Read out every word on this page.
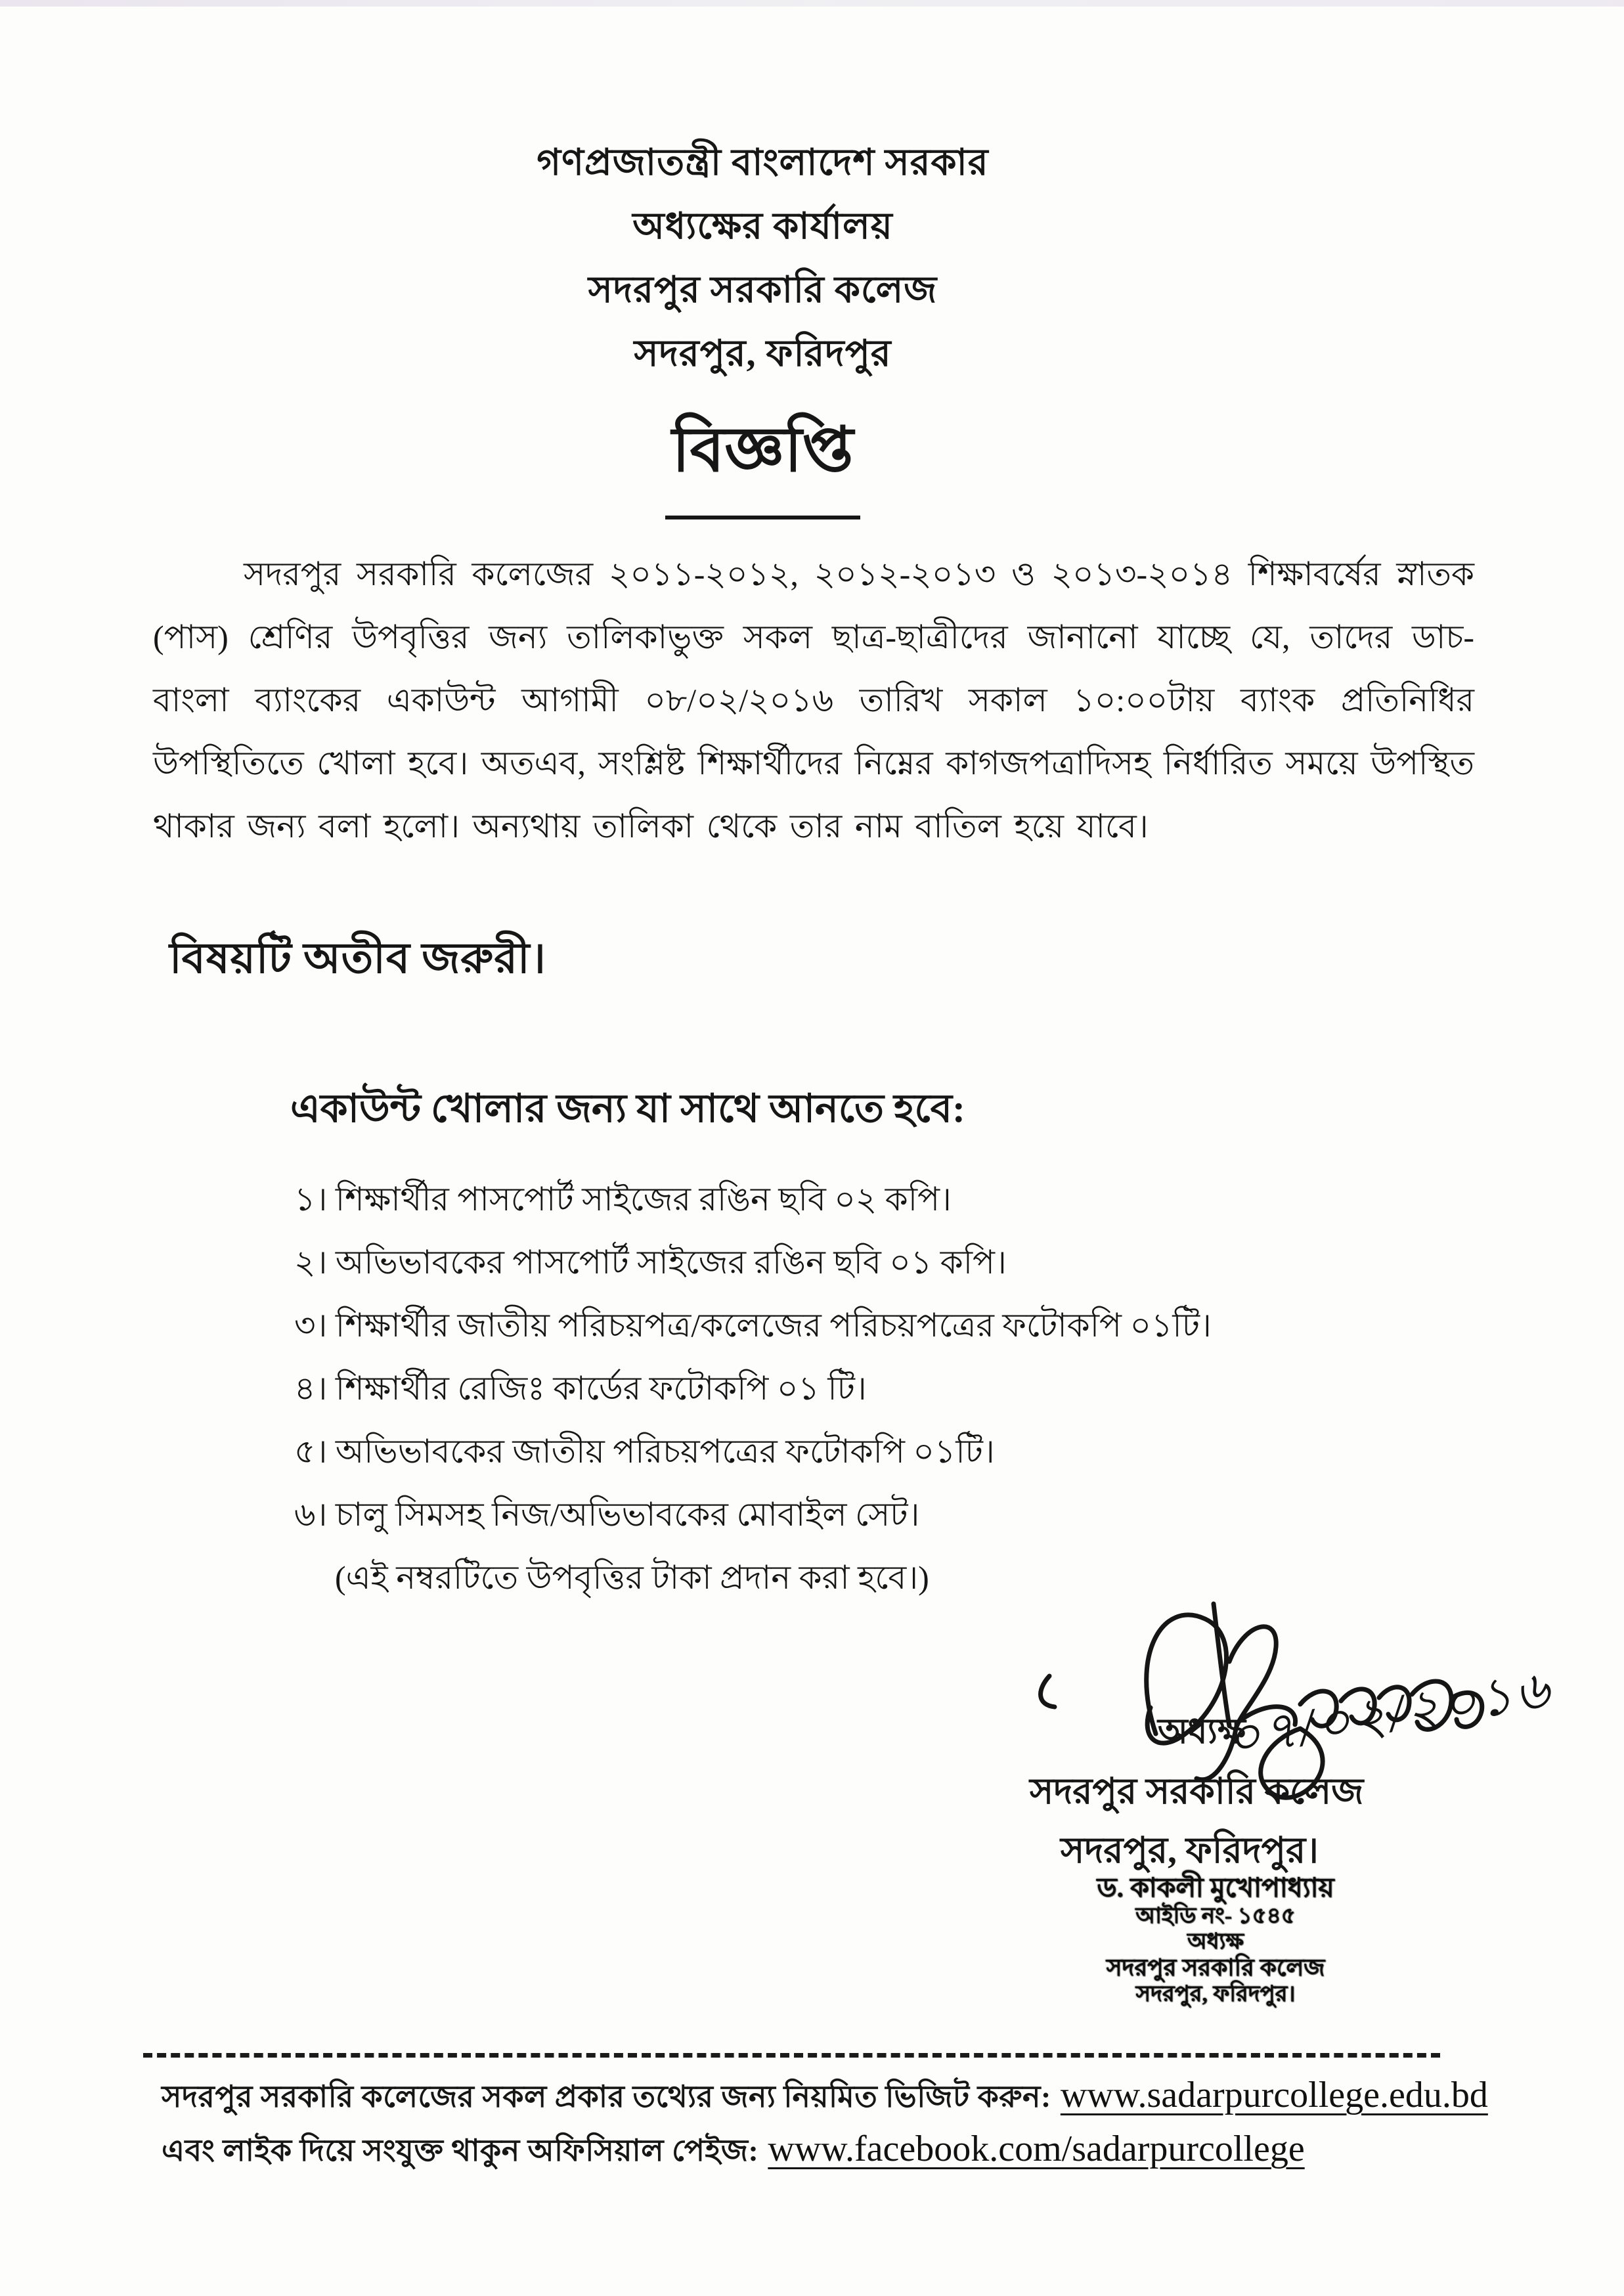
গণপ্রজাতন্ত্রী বাংলাদেশ সরকার
অধ্যক্ষের কার্যালয়
সদরপুর সরকারি কলেজ
সদরপুর, ফরিদপুর
বিজ্ঞপ্তি

সদরপুর সরকারি কলেজের ২০১১-২০১২, ২০১২-২০১৩ ও ২০১৩-২০১৪ শিক্ষাবর্ষের স্নাতক (পাস) শ্রেণির উপবৃত্তির জন্য তালিকাভুক্ত সকল ছাত্র-ছাত্রীদের জানানো যাচ্ছে যে, তাদের ডাচ-বাংলা ব্যাংকের একাউন্ট আগামী ০৮/০২/২০১৬ তারিখ সকাল ১০:০০টায় ব্যাংক প্রতিনিধির উপস্থিতিতে খোলা হবে। অতএব, সংশ্লিষ্ট শিক্ষার্থীদের নিম্নের কাগজপত্রাদিসহ নির্ধারিত সময়ে উপস্থিত থাকার জন্য বলা হলো। অন্যথায় তালিকা থেকে তার নাম বাতিল হয়ে যাবে।

বিষয়টি অতীব জরুরী।
একাউন্ট খোলার জন্য যা সাথে আনতে হবে:
১। শিক্ষার্থীর পাসপোর্ট সাইজের রঙিন ছবি ০২ কপি।
২। অভিভাবকের পাসপোর্ট সাইজের রঙিন ছবি ০১ কপি।
৩। শিক্ষার্থীর জাতীয় পরিচয়পত্র/কলেজের পরিচয়পত্রের ফটোকপি ০১টি।
৪। শিক্ষার্থীর রেজিঃ কার্ডের ফটোকপি ০১ টি।
৫। অভিভাবকের জাতীয় পরিচয়পত্রের ফটোকপি ০১টি।
৬। চালু সিমসহ নিজ/অভিভাবকের মোবাইল সেট।
(এই নম্বরটিতে উপবৃত্তির টাকা প্রদান করা হবে।)
০৭/০২/২০১৬
অধ্যক্ষ
সদরপুর সরকারি কলেজ
সদরপুর, ফরিদপুর।
ড. কাকলী মুখোপাধ্যায়
আইডি নং- ১৫৪৫
অধ্যক্ষ
সদরপুর সরকারি কলেজ
সদরপুর, ফরিদপুর।
সদরপুর সরকারি কলেজের সকল প্রকার তথ্যের জন্য নিয়মিত ভিজিট করুন: www.sadarpurcollege.edu.bd
এবং লাইক দিয়ে সংযুক্ত থাকুন অফিসিয়াল পেইজ: www.facebook.com/sadarpurcollege
